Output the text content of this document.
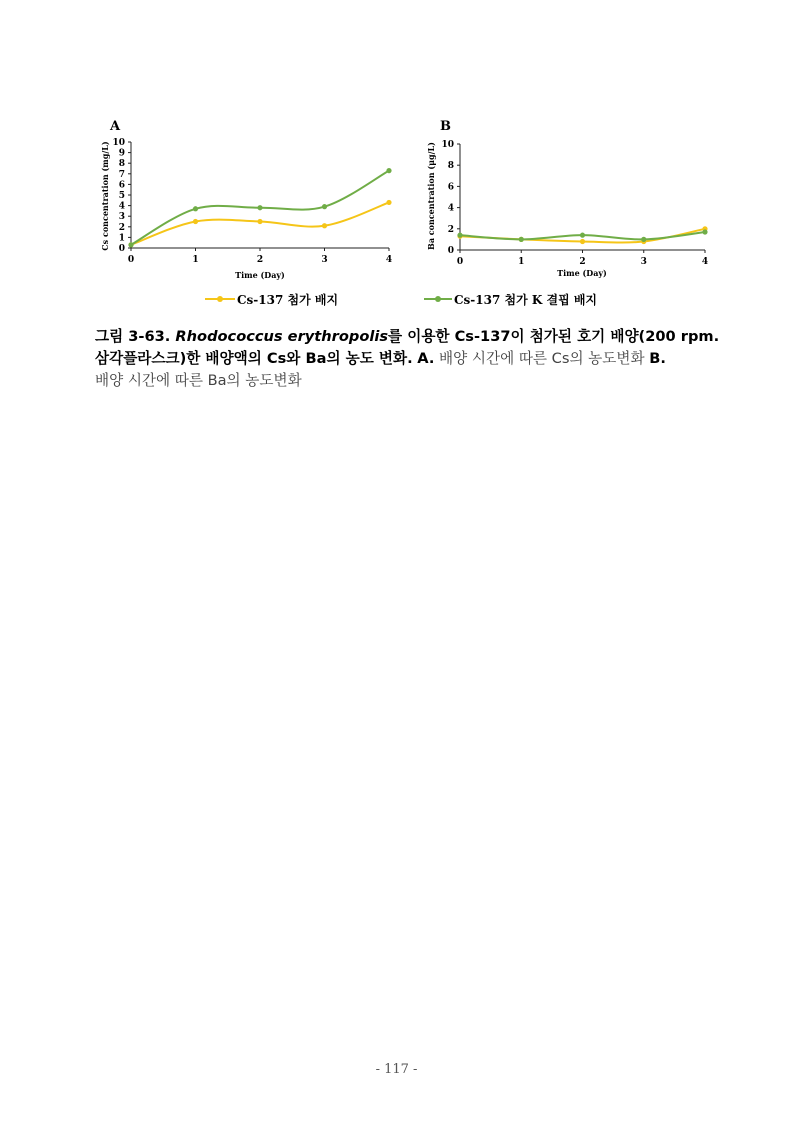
A
Cs concentration (mg/L)
Time (Day)
0
1
2
3
4
5
6
7
8
9
10
0	1	2	3	4
B
Ba concentration (μg/L)
Time (Day)
0
2
4
6
8
10
0	1	2	3	4
Cs-137 첨가 배지	Cs-137 첨가 K 결핍 배지
그림 3-63. Rhodococcus erythropolis를 이용한 Cs-137이 첨가된 호기 배양(200 rpm.
삼각플라스크)한 배양액의 Cs와 Ba의 농도 변화. A. 배양 시간에 따른 Cs의 농도변화 B.
배양 시간에 따른 Ba의 농도변화
- 117 -
